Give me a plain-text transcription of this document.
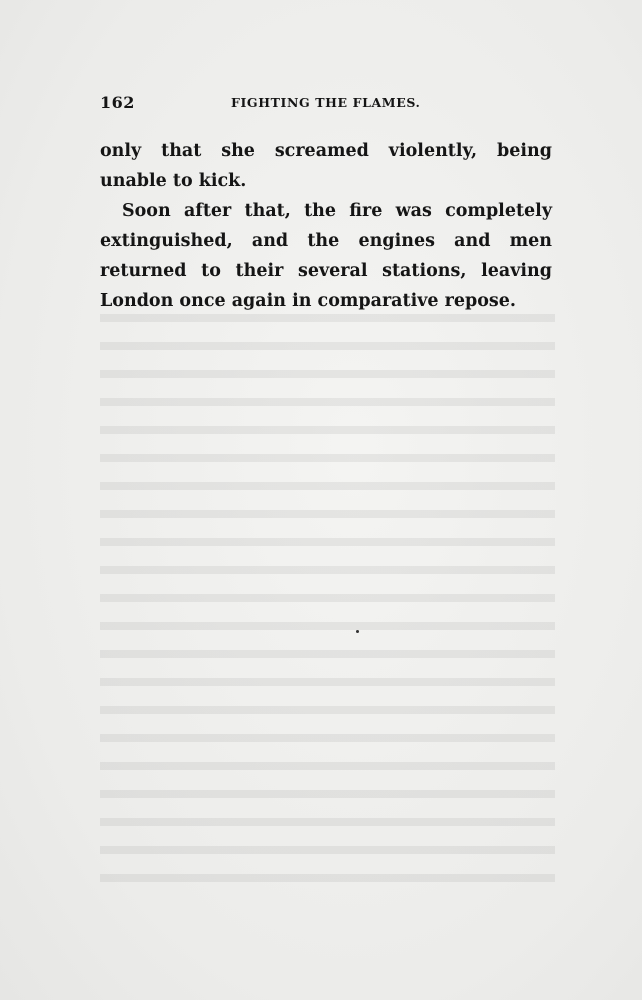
162	FIGHTING THE FLAMES.

only that she screamed violently, being unable to kick.

Soon after that, the fire was completely extinguished, and the engines and men returned to their several stations, leaving London once again in comparative repose.
